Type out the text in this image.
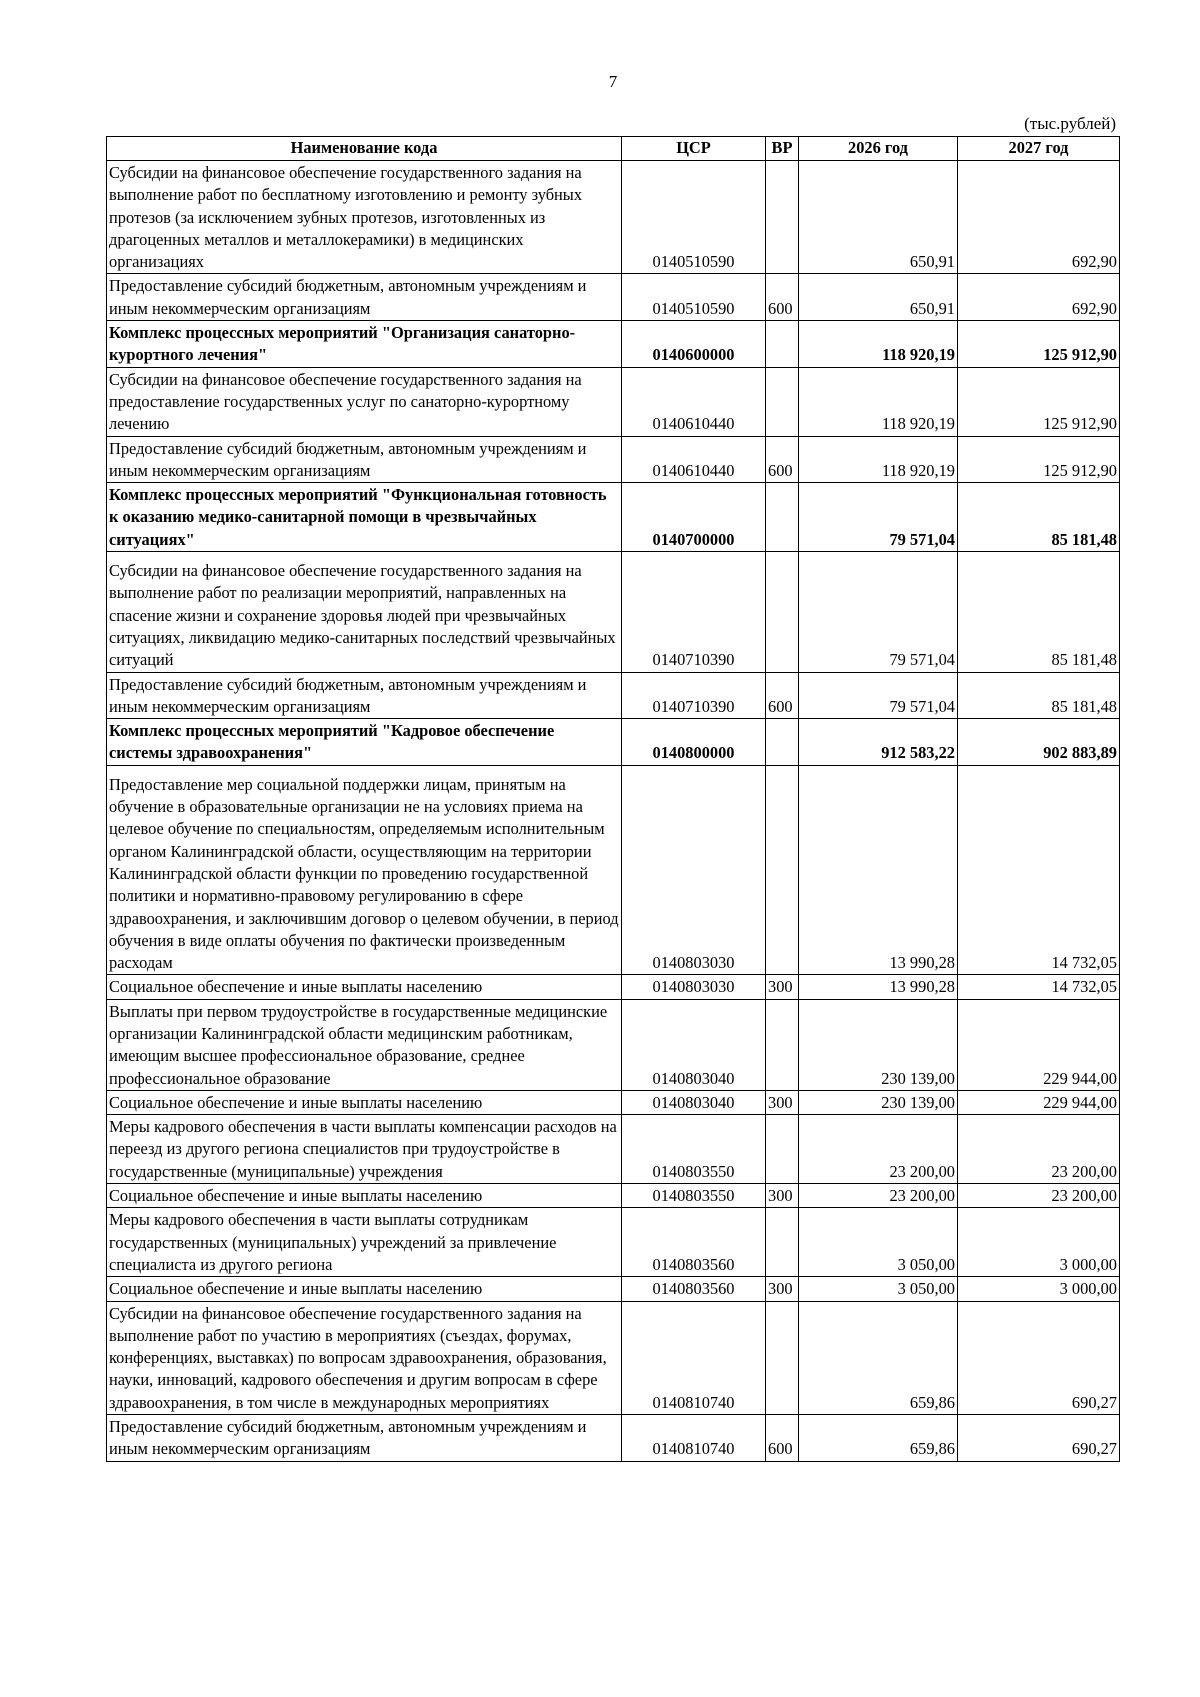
7
(тыс.рублей)
Наименование кода	ЦСР	ВР	2026 год	2027 год
Субсидии на финансовое обеспечение государственного задания на выполнение работ по бесплатному изготовлению и ремонту зубных протезов (за исключением зубных протезов, изготовленных из драгоценных металлов и металлокерамики) в медицинских организациях	0140510590		650,91	692,90
Предоставление субсидий бюджетным, автономным учреждениям и иным некоммерческим организациям	0140510590	600	650,91	692,90
Комплекс процессных мероприятий "Организация санаторно-курортного лечения"	0140600000		118 920,19	125 912,90
Субсидии на финансовое обеспечение государственного задания на предоставление государственных услуг по санаторно-курортному лечению	0140610440		118 920,19	125 912,90
Предоставление субсидий бюджетным, автономным учреждениям и иным некоммерческим организациям	0140610440	600	118 920,19	125 912,90
Комплекс процессных мероприятий "Функциональная готовность к оказанию медико-санитарной помощи в чрезвычайных ситуациях"	0140700000		79 571,04	85 181,48
Субсидии на финансовое обеспечение государственного задания на выполнение работ по реализации мероприятий, направленных на спасение жизни и сохранение здоровья людей при чрезвычайных ситуациях, ликвидацию медико-санитарных последствий чрезвычайных ситуаций	0140710390		79 571,04	85 181,48
Предоставление субсидий бюджетным, автономным учреждениям и иным некоммерческим организациям	0140710390	600	79 571,04	85 181,48
Комплекс процессных мероприятий "Кадровое обеспечение системы здравоохранения"	0140800000		912 583,22	902 883,89
Предоставление мер социальной поддержки лицам, принятым на обучение в образовательные организации не на условиях приема на целевое обучение по специальностям, определяемым исполнительным органом Калининградской области, осуществляющим на территории Калининградской области функции по проведению государственной политики и нормативно-правовому регулированию в сфере здравоохранения, и заключившим договор о целевом обучении, в период обучения в виде оплаты обучения по фактически произведенным расходам	0140803030		13 990,28	14 732,05
Социальное обеспечение и иные выплаты населению	0140803030	300	13 990,28	14 732,05
Выплаты при первом трудоустройстве в государственные медицинские организации Калининградской области медицинским работникам, имеющим высшее профессиональное образование, среднее профессиональное образование	0140803040		230 139,00	229 944,00
Социальное обеспечение и иные выплаты населению	0140803040	300	230 139,00	229 944,00
Меры кадрового обеспечения в части выплаты компенсации расходов на переезд из другого региона специалистов при трудоустройстве в государственные (муниципальные) учреждения	0140803550		23 200,00	23 200,00
Социальное обеспечение и иные выплаты населению	0140803550	300	23 200,00	23 200,00
Меры кадрового обеспечения в части выплаты сотрудникам государственных (муниципальных) учреждений за привлечение специалиста из другого региона	0140803560		3 050,00	3 000,00
Социальное обеспечение и иные выплаты населению	0140803560	300	3 050,00	3 000,00
Субсидии на финансовое обеспечение государственного задания на выполнение работ по участию в мероприятиях (съездах, форумах, конференциях, выставках) по вопросам здравоохранения, образования, науки, инноваций, кадрового обеспечения и другим вопросам в сфере здравоохранения, в том числе в международных мероприятиях	0140810740		659,86	690,27
Предоставление субсидий бюджетным, автономным учреждениям и иным некоммерческим организациям	0140810740	600	659,86	690,27
